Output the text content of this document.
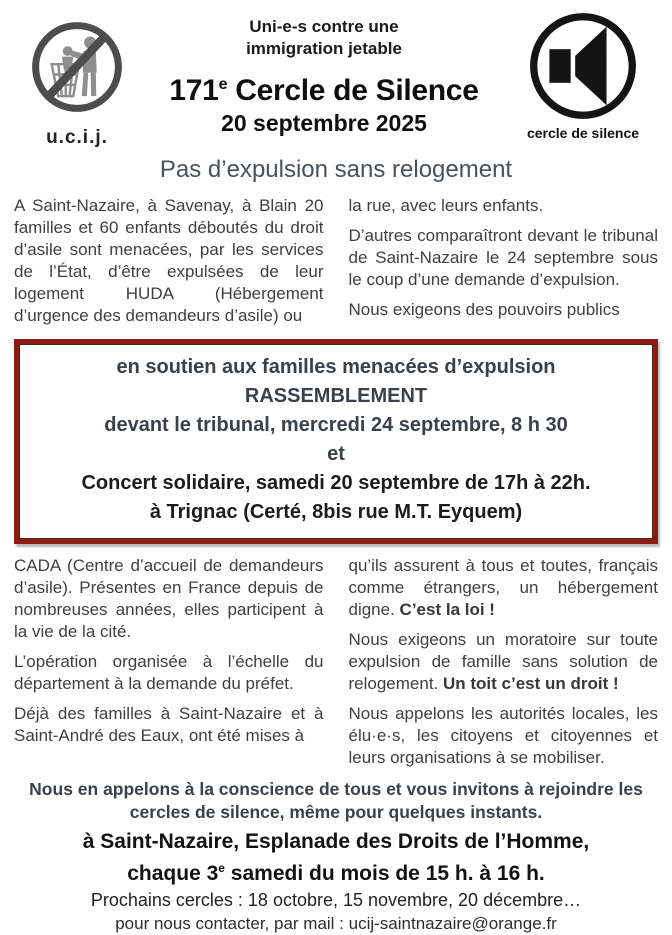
u.c.i.j.
Uni-e-s contre une
immigration jetable
171e Cercle de Silence
20 septembre 2025	cercle de silence
Pas d’expulsion sans relogement

A Saint-Nazaire, à Savenay, à Blain 20 familles et 60 enfants déboutés du droit d’asile sont menacées, par les services de l’État, d’être expulsées de leur logement HUDA (Hébergement d’urgence des demandeurs d’asile) ou

la rue, avec leurs enfants.

D’autres comparaîtront devant le tribunal de Saint-Nazaire le 24 septembre sous le coup d’une demande d’expulsion.

Nous exigeons des pouvoirs publics

en soutien aux familles menacées d’expulsion
RASSEMBLEMENT
devant le tribunal, mercredi 24 septembre, 8 h 30
et
Concert solidaire, samedi 20 septembre de 17h à 22h.
à Trignac (Certé, 8bis rue M.T. Eyquem)

CADA (Centre d’accueil de demandeurs d’asile). Présentes en France depuis de nombreuses années, elles participent à la vie de la cité.

L’opération organisée à l’échelle du département à la demande du préfet.

Déjà des familles à Saint-Nazaire et à Saint-André des Eaux, ont été mises à

qu’ils assurent à tous et toutes, français comme étrangers, un hébergement digne. C’est la loi !

Nous exigeons un moratoire sur toute expulsion de famille sans solution de relogement. Un toit c’est un droit !

Nous appelons les autorités locales, les élu·e·s, les citoyens et citoyennes et leurs organisations à se mobiliser.

Nous en appelons à la conscience de tous et vous invitons à rejoindre les cercles de silence, même pour quelques instants.

à Saint-Nazaire, Esplanade des Droits de l’Homme,
chaque 3e samedi du mois de 15 h. à 16 h.

Prochains cercles : 18 octobre, 15 novembre, 20 décembre…

pour nous contacter, par mail : ucij-saintnazaire@orange.fr
